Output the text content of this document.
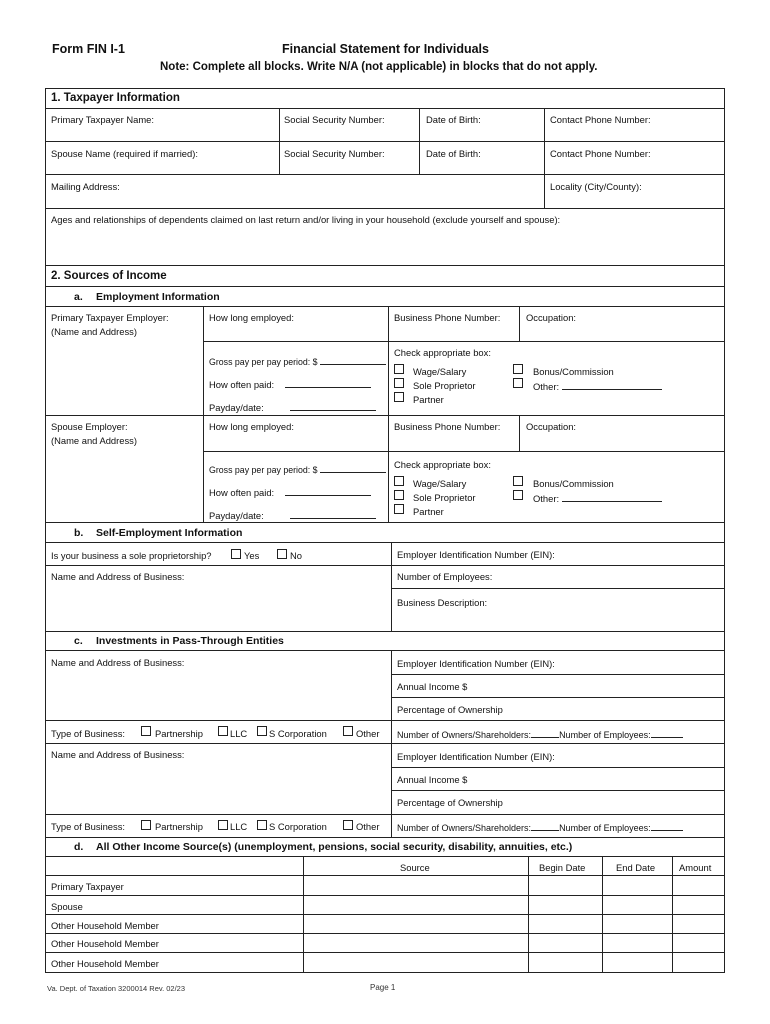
Form FIN I-1	Financial Statement for Individuals
Note: Complete all blocks. Write N/A (not applicable) in blocks that do not apply.
1. Taxpayer Information
Primary Taxpayer Name:	Social Security Number:	Date of Birth:	Contact Phone Number:
Spouse Name (required if married):	Social Security Number:	Date of Birth:	Contact Phone Number:
Mailing Address:	Locality (City/County):
Ages and relationships of dependents claimed on last return and/or living in your household (exclude yourself and spouse):
2. Sources of Income
a. Employment Information
Primary Taxpayer Employer:
(Name and Address)
How long employed:	Business Phone Number:	Occupation:
Gross pay per pay period: $
How often paid:
Payday/date:
Check appropriate box:
Wage/Salary
Sole Proprietor
Partner
Bonus/Commission
Other:
Spouse Employer:
(Name and Address)
How long employed:	Business Phone Number:	Occupation:
Gross pay per pay period: $
How often paid:
Payday/date:
Check appropriate box:
Wage/Salary
Sole Proprietor
Partner
Bonus/Commission
Other:
b. Self-Employment Information
Is your business a sole proprietorship?	Yes	No	Employer Identification Number (EIN):
Name and Address of Business:	Number of Employees:
Business Description:
c. Investments in Pass-Through Entities
Name and Address of Business:	Employer Identification Number (EIN):
Annual Income $
Percentage of Ownership
Type of Business:	Partnership	LLC S Corporation	Other Number of Owners/Shareholders:	Number of Employees:
Name and Address of Business:	Employer Identification Number (EIN):
Annual Income $
Percentage of Ownership
Type of Business:	Partnership	LLC S Corporation	Other Number of Owners/Shareholders:	Number of Employees:
d. All Other Income Source(s) (unemployment, pensions, social security, disability, annuities, etc.)
Source	Begin Date	End Date	Amount
Primary Taxpayer
Spouse
Other Household Member
Other Household Member
Other Household Member
Va. Dept. of Taxation 3200014 Rev. 02/23	Page 1
